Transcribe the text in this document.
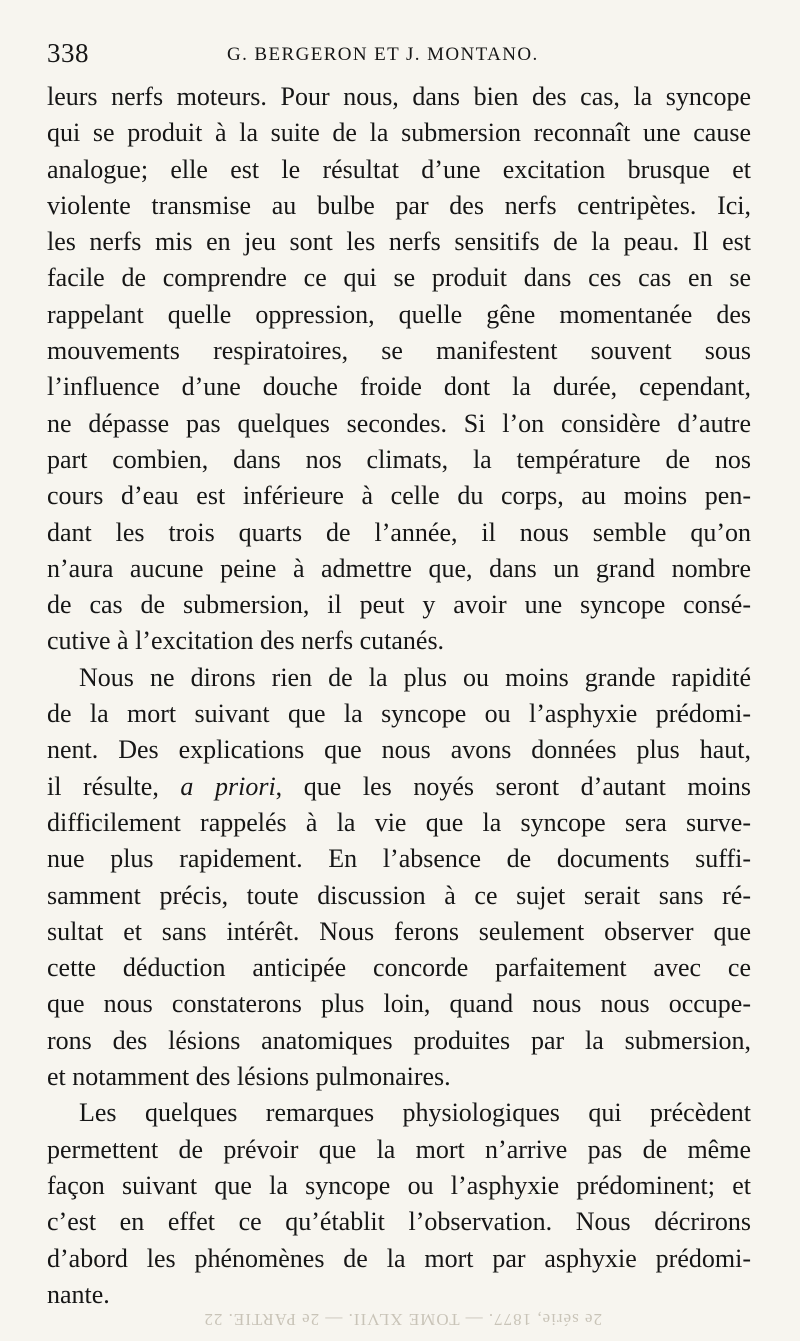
338	G. BERGERON ET J. MONTANO.
leurs nerfs moteurs. Pour nous, dans bien des cas, la syncope
qui se produit à la suite de la submersion reconnaît une cause
analogue; elle est le résultat d’une excitation brusque et
violente transmise au bulbe par des nerfs centripètes. Ici,
les nerfs mis en jeu sont les nerfs sensitifs de la peau. Il est
facile de comprendre ce qui se produit dans ces cas en se
rappelant quelle oppression, quelle gêne momentanée des
mouvements respiratoires, se manifestent souvent sous
l’influence d’une douche froide dont la durée, cependant,
ne dépasse pas quelques secondes. Si l’on considère d’autre
part combien, dans nos climats, la température de nos
cours d’eau est inférieure à celle du corps, au moins pen-
dant les trois quarts de l’année, il nous semble qu’on
n’aura aucune peine à admettre que, dans un grand nombre
de cas de submersion, il peut y avoir une syncope consé-
cutive à l’excitation des nerfs cutanés.
Nous ne dirons rien de la plus ou moins grande rapidité
de la mort suivant que la syncope ou l’asphyxie prédomi-
nent. Des explications que nous avons données plus haut,
il résulte, a priori, que les noyés seront d’autant moins
difficilement rappelés à la vie que la syncope sera surve-
nue plus rapidement. En l’absence de documents suffi-
samment précis, toute discussion à ce sujet serait sans ré-
sultat et sans intérêt. Nous ferons seulement observer que
cette déduction anticipée concorde parfaitement avec ce
que nous constaterons plus loin, quand nous nous occupe-
rons des lésions anatomiques produites par la submersion,
et notamment des lésions pulmonaires.
Les quelques remarques physiologiques qui précèdent
permettent de prévoir que la mort n’arrive pas de même
façon suivant que la syncope ou l’asphyxie prédominent; et
c’est en effet ce qu’établit l’observation. Nous décrirons
d’abord les phénomènes de la mort par asphyxie prédomi-
nante.
2e série, 1877. — TOME XLVII. — 2e PARTIE. 22
